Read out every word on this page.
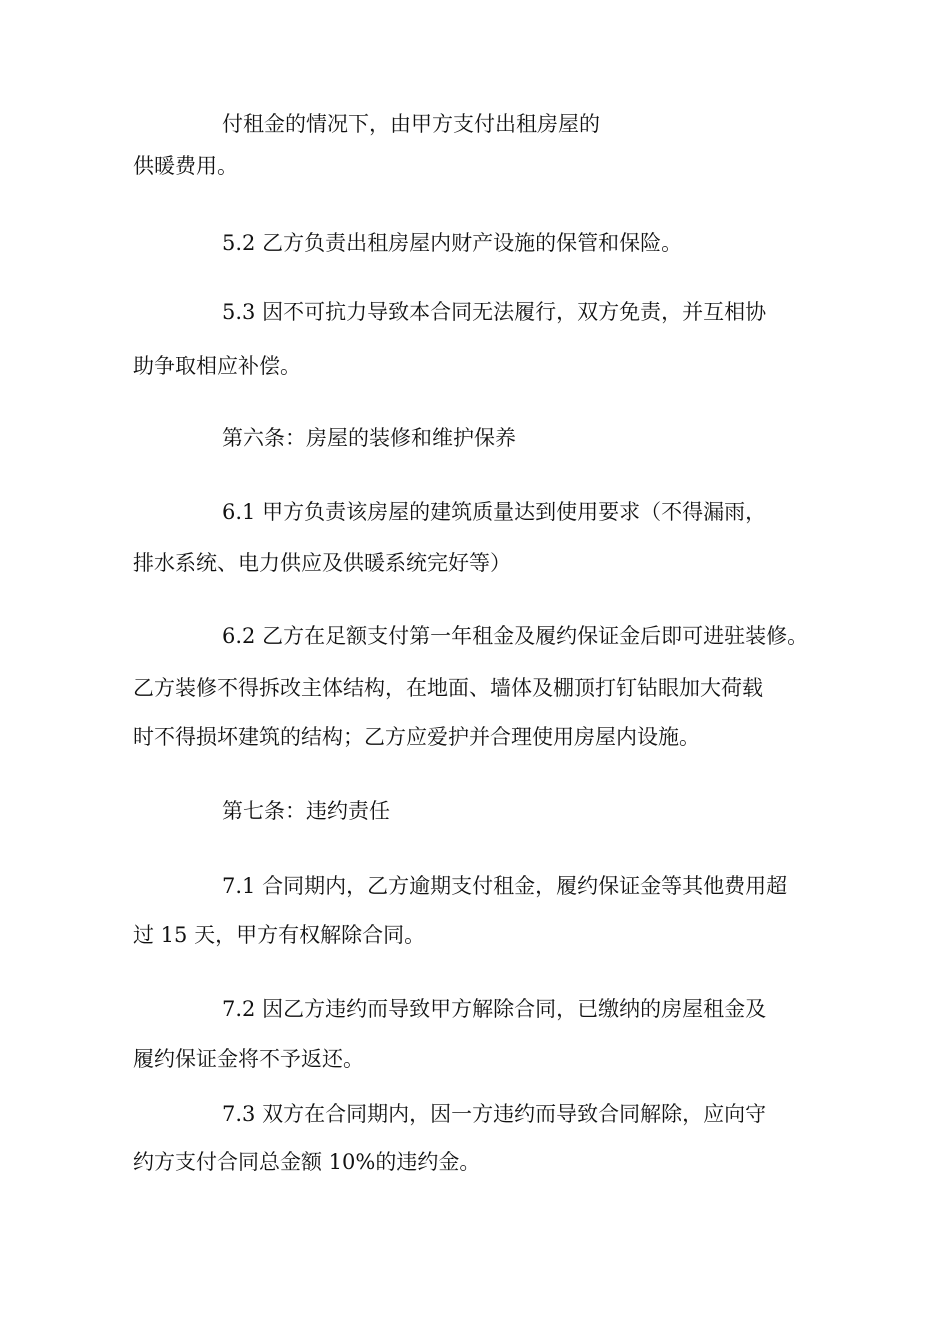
付租金的情况下，由甲方支付出租房屋的
供暖费用。
5.2 乙方负责出租房屋内财产设施的保管和保险。
5.3 因不可抗力导致本合同无法履行，双方免责，并互相协
助争取相应补偿。
第六条：房屋的装修和维护保养
6.1 甲方负责该房屋的建筑质量达到使用要求（不得漏雨，
排水系统、电力供应及供暖系统完好等）
6.2 乙方在足额支付第一年租金及履约保证金后即可进驻装修。
乙方装修不得拆改主体结构，在地面、墙体及棚顶打钉钻眼加大荷载
时不得损坏建筑的结构；乙方应爱护并合理使用房屋内设施。
第七条：违约责任
7.1 合同期内，乙方逾期支付租金，履约保证金等其他费用超
过 15 天，甲方有权解除合同。
7.2 因乙方违约而导致甲方解除合同，已缴纳的房屋租金及
履约保证金将不予返还。
7.3 双方在合同期内，因一方违约而导致合同解除，应向守
约方支付合同总金额 10%的违约金。
